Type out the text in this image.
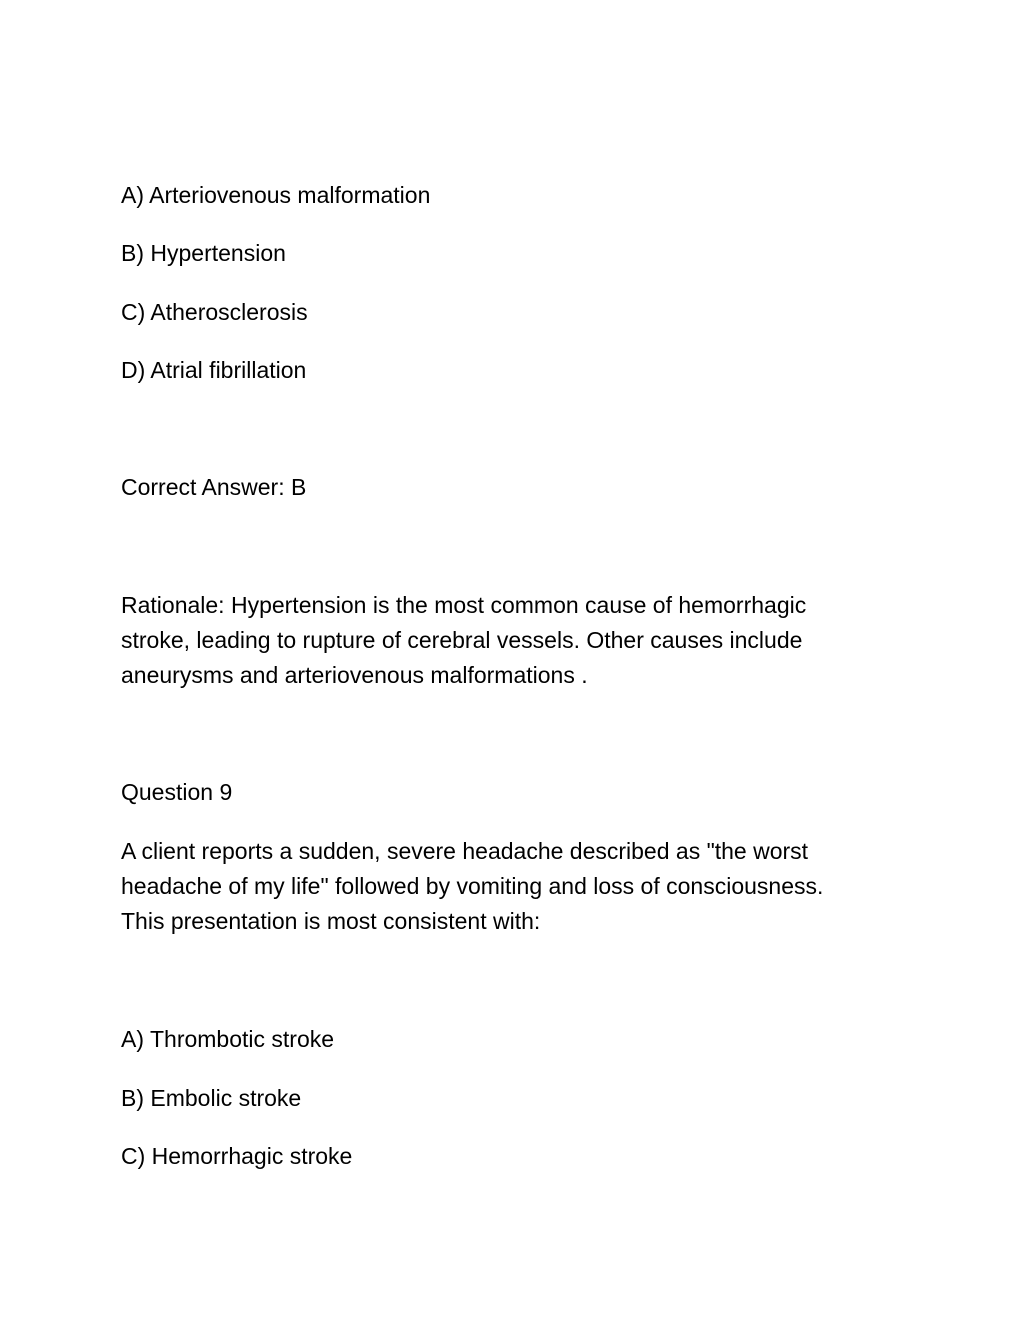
A) Arteriovenous malformation
B) Hypertension
C) Atherosclerosis
D) Atrial fibrillation
Correct Answer: B
Rationale: Hypertension is the most common cause of hemorrhagic
stroke, leading to rupture of cerebral vessels. Other causes include
aneurysms and arteriovenous malformations .
Question 9
A client reports a sudden, severe headache described as "the worst
headache of my life" followed by vomiting and loss of consciousness.
This presentation is most consistent with:
A) Thrombotic stroke
B) Embolic stroke
C) Hemorrhagic stroke
